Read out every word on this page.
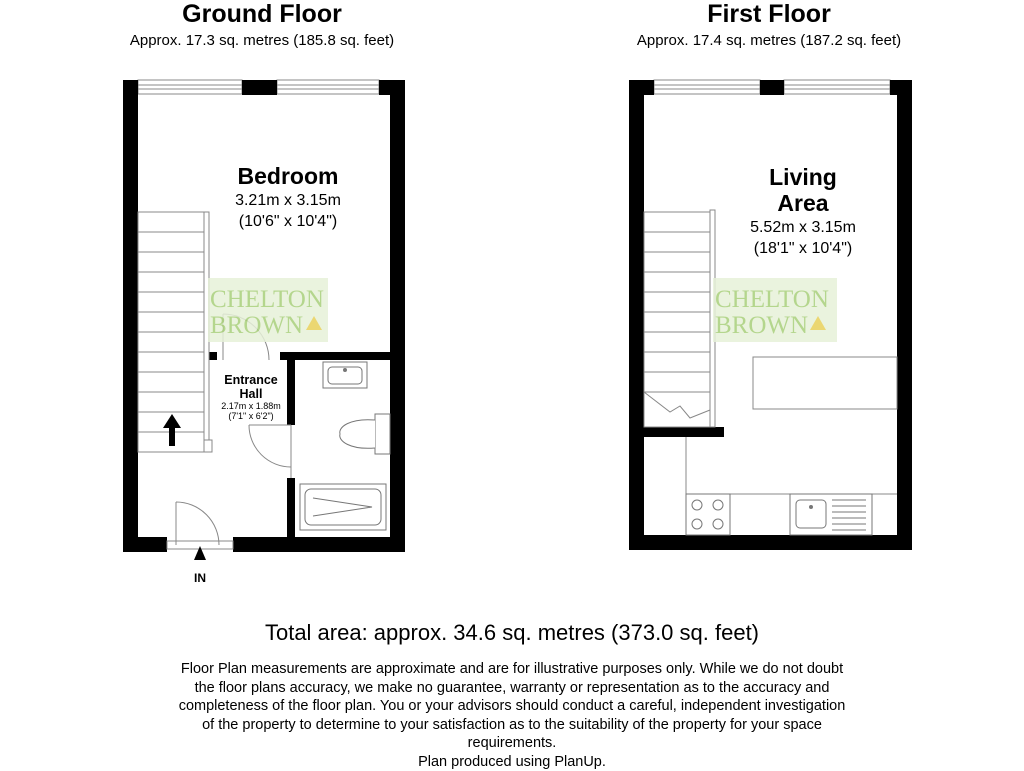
Ground Floor
Approx. 17.3 sq. metres (185.8 sq. feet)
First Floor
Approx. 17.4 sq. metres (187.2 sq. feet)
CHELTON
BROWN
CHELTON
BROWN
Bedroom
3.21m x 3.15m
(10'6" x 10'4")
Entrance
Hall
2.17m x 1.88m
(7'1" x 6'2")
IN
Living
Area
5.52m x 3.15m
(18'1" x 10'4")
Total area: approx. 34.6 sq. metres (373.0 sq. feet)
Floor Plan measurements are approximate and are for illustrative purposes only. While we do not doubt
the floor plans accuracy, we make no guarantee, warranty or representation as to the accuracy and
completeness of the floor plan. You or your advisors should conduct a careful, independent investigation
of the property to determine to your satisfaction as to the suitability of the property for your space
requirements.
Plan produced using PlanUp.
